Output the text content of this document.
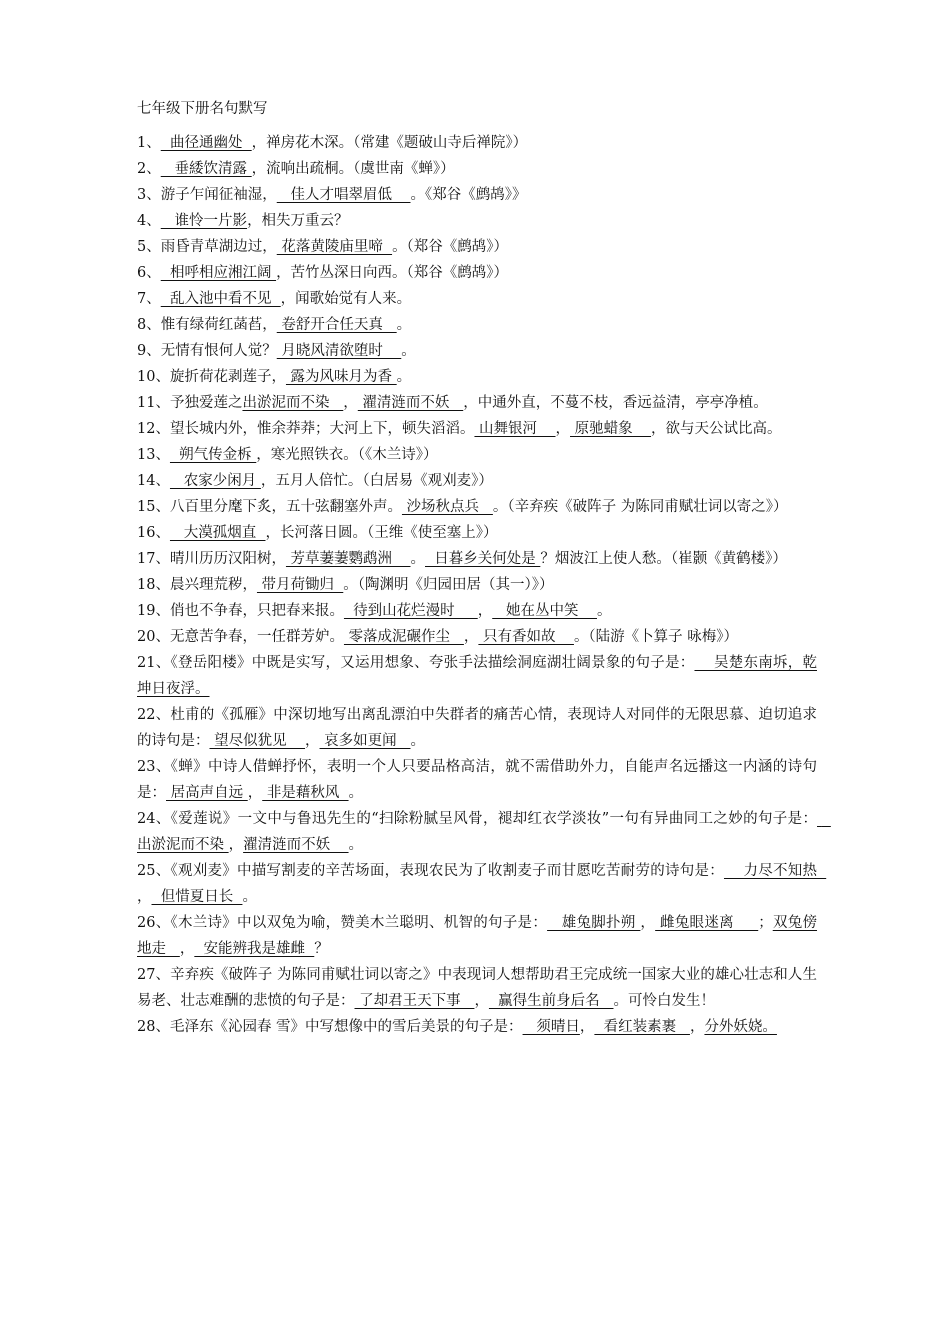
七年级下册名句默写

1、  曲径通幽处  ，禅房花木深。（常建《题破山寺后禅院》）

2、   垂緌饮清露 ，流响出疏桐。（虞世南《蝉》）

3、游子乍闻征袖湿，   佳人才唱翠眉低    。《郑谷《鹧鸪》》

4、   谁怜一片影，相失万重云？

5、雨昏青草湖边过， 花落黄陵庙里啼  。（郑谷《鹧鸪》）

6、  相呼相应湘江阔 ，苦竹丛深日向西。（郑谷《鹧鸪》）

7、  乱入池中看不见  ，闻歌始觉有人来。

8、惟有绿荷红菡萏， 卷舒开合任天真   。

9、无情有恨何人觉？ 月晓风清欲堕时    。

10、旋折荷花剥莲子， 露为风味月为香 。

11、予独爱莲之出淤泥而不染   ， 濯清涟而不妖   ，中通外直，不蔓不枝，香远益清，亭亭净植。

12、望长城内外，惟余莽莽；大河上下，顿失滔滔。 山舞银河    ， 原驰蜡象    ，欲与天公试比高。

13、  朔气传金柝 ，寒光照铁衣。（《木兰诗》）

14、   农家少闲月 ，五月人倍忙。（白居易《观刈麦》）

15、八百里分麾下炙，五十弦翻塞外声。 沙场秋点兵   。（辛弃疾《破阵子 为陈同甫赋壮词以寄之》）

16、   大漠孤烟直  ，长河落日圆。（王维《使至塞上》）

17、晴川历历汉阳树， 芳草萋萋鹦鹉洲    。  日暮乡关何处是 ？烟波江上使人愁。（崔颢《黄鹤楼》）

18、晨兴理荒秽， 带月荷锄归  。（陶渊明《归园田居（其一）》）

19、俏也不争春，只把春来报。  待到山花烂漫时     ，   她在丛中笑    。

20、无意苦争春，一任群芳妒。 零落成泥碾作尘   ， 只有香如故    。（陆游《卜算子 咏梅》）

21、《登岳阳楼》中既是实写，又运用想象、夸张手法描绘洞庭湖壮阔景象的句子是：    吴楚东南坼，乾坤日夜浮。

22、杜甫的《孤雁》中深切地写出离乱漂泊中失群者的痛苦心情，表现诗人对同伴的无限思慕、迫切追求的诗句是： 望尽似犹见    ， 哀多如更闻   。

23、《蝉》中诗人借蝉抒怀，表明一个人只要品格高洁，就不需借助外力，自能声名远播这一内涵的诗句是： 居高声自远 ， 非是藉秋风  。

24、《爱莲说》一文中与鲁迅先生的“扫除粉腻呈风骨，褪却红衣学淡妆”一句有异曲同工之妙的句子是：   出淤泥而不染 ，濯清涟而不妖    。

25、《观刈麦》中描写割麦的辛苦场面，表现农民为了收割麦子而甘愿吃苦耐劳的诗句是：    力尽不知热  ，  但惜夏日长  。

26、《木兰诗》中以双兔为喻，赞美木兰聪明、机智的句子是：   雄兔脚扑朔 ， 雌兔眼迷离     ；双兔傍地走   ，  安能辨我是雄雌  ？

27、辛弃疾《破阵子 为陈同甫赋壮词以寄之》中表现词人想帮助君王完成统一国家大业的雄心壮志和人生易老、壮志难酬的悲愤的句子是： 了却君王天下事   ，  赢得生前身后名   。可怜白发生！

28、毛泽东《沁园春 雪》中写想像中的雪后美景的句子是：   须晴日，  看红装素裹   ，分外妖娆。
